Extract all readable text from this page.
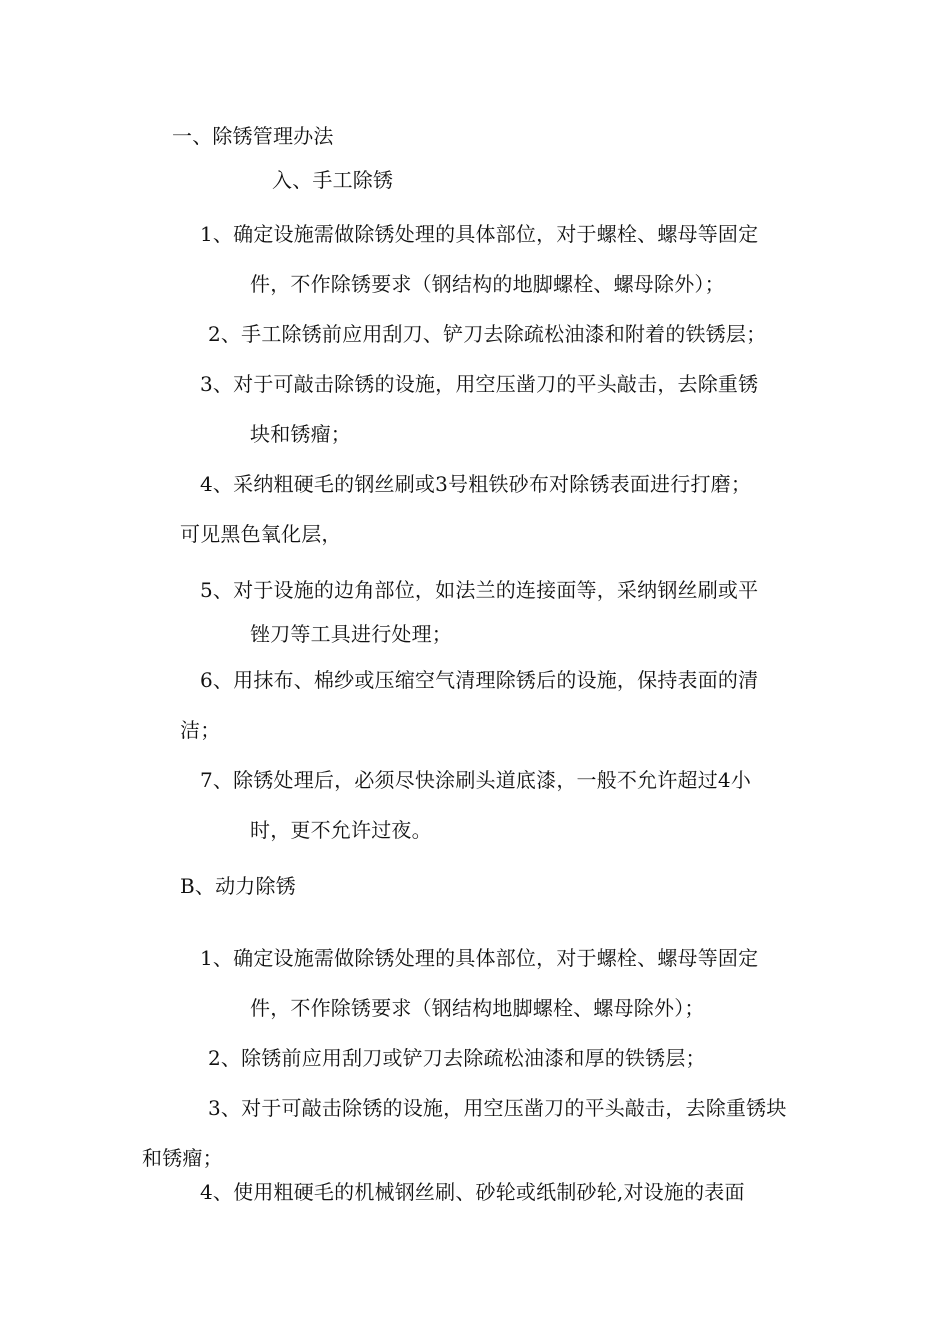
一、除锈管理办法
入、手工除锈
1、确定设施需做除锈处理的具体部位，对于螺栓、螺母等固定
件，不作除锈要求（钢结构的地脚螺栓、螺母除外）；
2、手工除锈前应用刮刀、铲刀去除疏松油漆和附着的铁锈层；
3、对于可敲击除锈的设施，用空压凿刀的平头敲击，去除重锈
块和锈瘤；
4、采纳粗硬毛的钢丝刷或3号粗铁砂布对除锈表面进行打磨；
可见黑色氧化层，
5、对于设施的边角部位，如法兰的连接面等，采纳钢丝刷或平
锉刀等工具进行处理；
6、用抹布、棉纱或压缩空气清理除锈后的设施，保持表面的清
洁；
7、除锈处理后，必须尽快涂刷头道底漆，一般不允许超过4小
时，更不允许过夜。
B、动力除锈
1、确定设施需做除锈处理的具体部位，对于螺栓、螺母等固定
件，不作除锈要求（钢结构地脚螺栓、螺母除外）；
2、除锈前应用刮刀或铲刀去除疏松油漆和厚的铁锈层；
3、对于可敲击除锈的设施，用空压凿刀的平头敲击，去除重锈块
和锈瘤；
4、使用粗硬毛的机械钢丝刷、砂轮或纸制砂轮,对设施的表面
